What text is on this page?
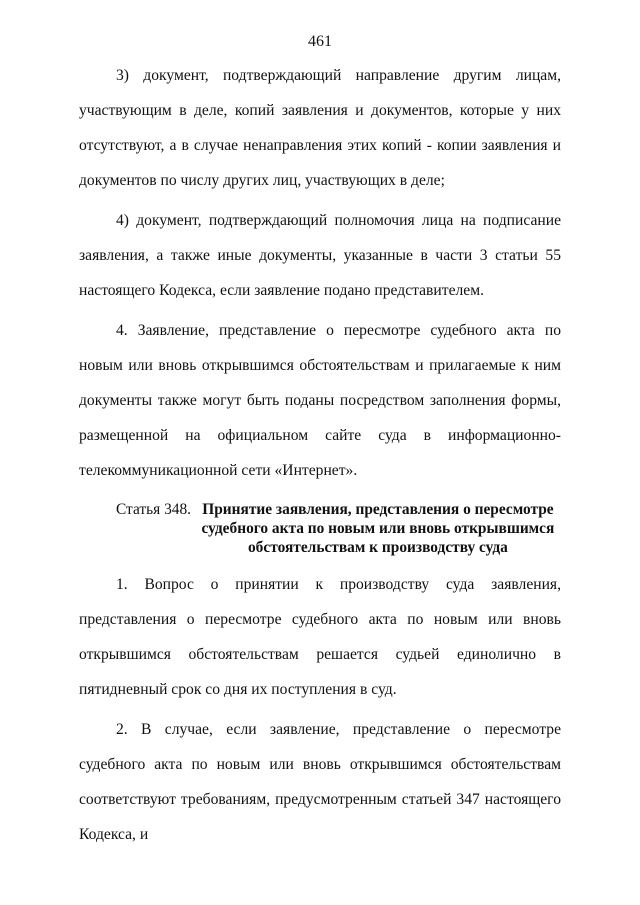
461

3) документ, подтверждающий направление другим лицам, участвующим в деле, копий заявления и документов, которые у них отсутствуют, а в случае ненаправления этих копий - копии заявления и документов по числу других лиц, участвующих в деле;

4) документ, подтверждающий полномочия лица на подписание заявления, а также иные документы, указанные в части 3 статьи 55 настоящего Кодекса, если заявление подано представителем.

4. Заявление, представление о пересмотре судебного акта по новым или вновь открывшимся обстоятельствам и прилагаемые к ним документы также могут быть поданы посредством заполнения формы, размещенной на официальном сайте суда в информационно-телекоммуникационной сети «Интернет».

Статья 348. Принятие заявления, представления о пересмотре
судебного акта по новым или вновь открывшимся
обстоятельствам к производству суда

1. Вопрос о принятии к производству суда заявления, представления о пересмотре судебного акта по новым или вновь открывшимся обстоятельствам решается судьей единолично в пятидневный срок со дня их поступления в суд.

2. В случае, если заявление, представление о пересмотре судебного акта по новым или вновь открывшимся обстоятельствам соответствуют требованиям, предусмотренным статьей 347 настоящего Кодекса, и
